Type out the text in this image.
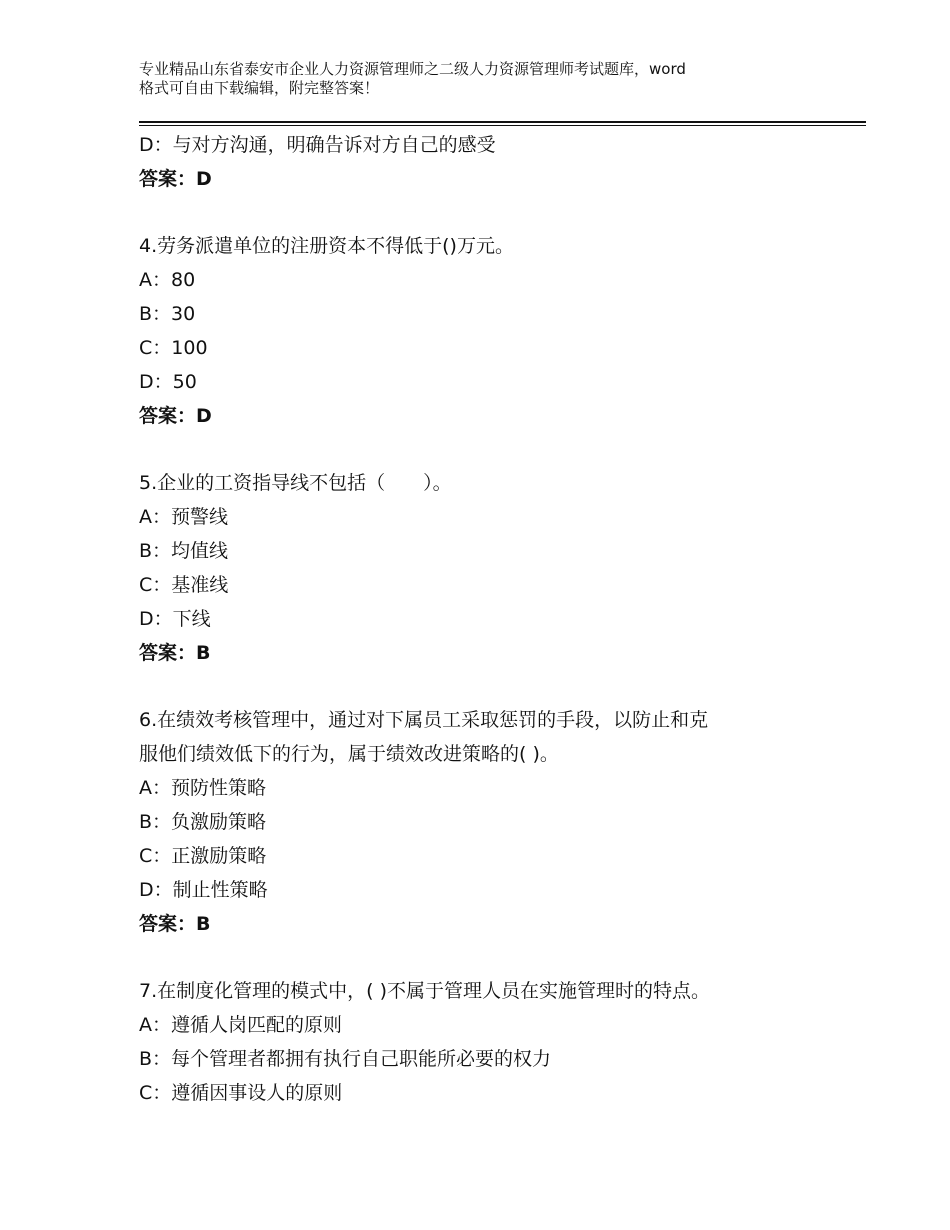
专业精品山东省泰安市企业人力资源管理师之二级人力资源管理师考试题库，word
格式可自由下载编辑，附完整答案！
D：与对方沟通，明确告诉对方自己的感受
答案：D
4.劳务派遣单位的注册资本不得低于()万元。
A：80
B：30
C：100
D：50
答案：D
5.企业的工资指导线不包括（　　）。
A：预警线
B：均值线
C：基准线
D：下线
答案：B
6.在绩效考核管理中，通过对下属员工采取惩罚的手段，以防止和克
服他们绩效低下的行为，属于绩效改进策略的( )。
A：预防性策略
B：负激励策略
C：正激励策略
D：制止性策略
答案：B
7.在制度化管理的模式中，( )不属于管理人员在实施管理时的特点。
A：遵循人岗匹配的原则
B：每个管理者都拥有执行自己职能所必要的权力
C：遵循因事设人的原则
